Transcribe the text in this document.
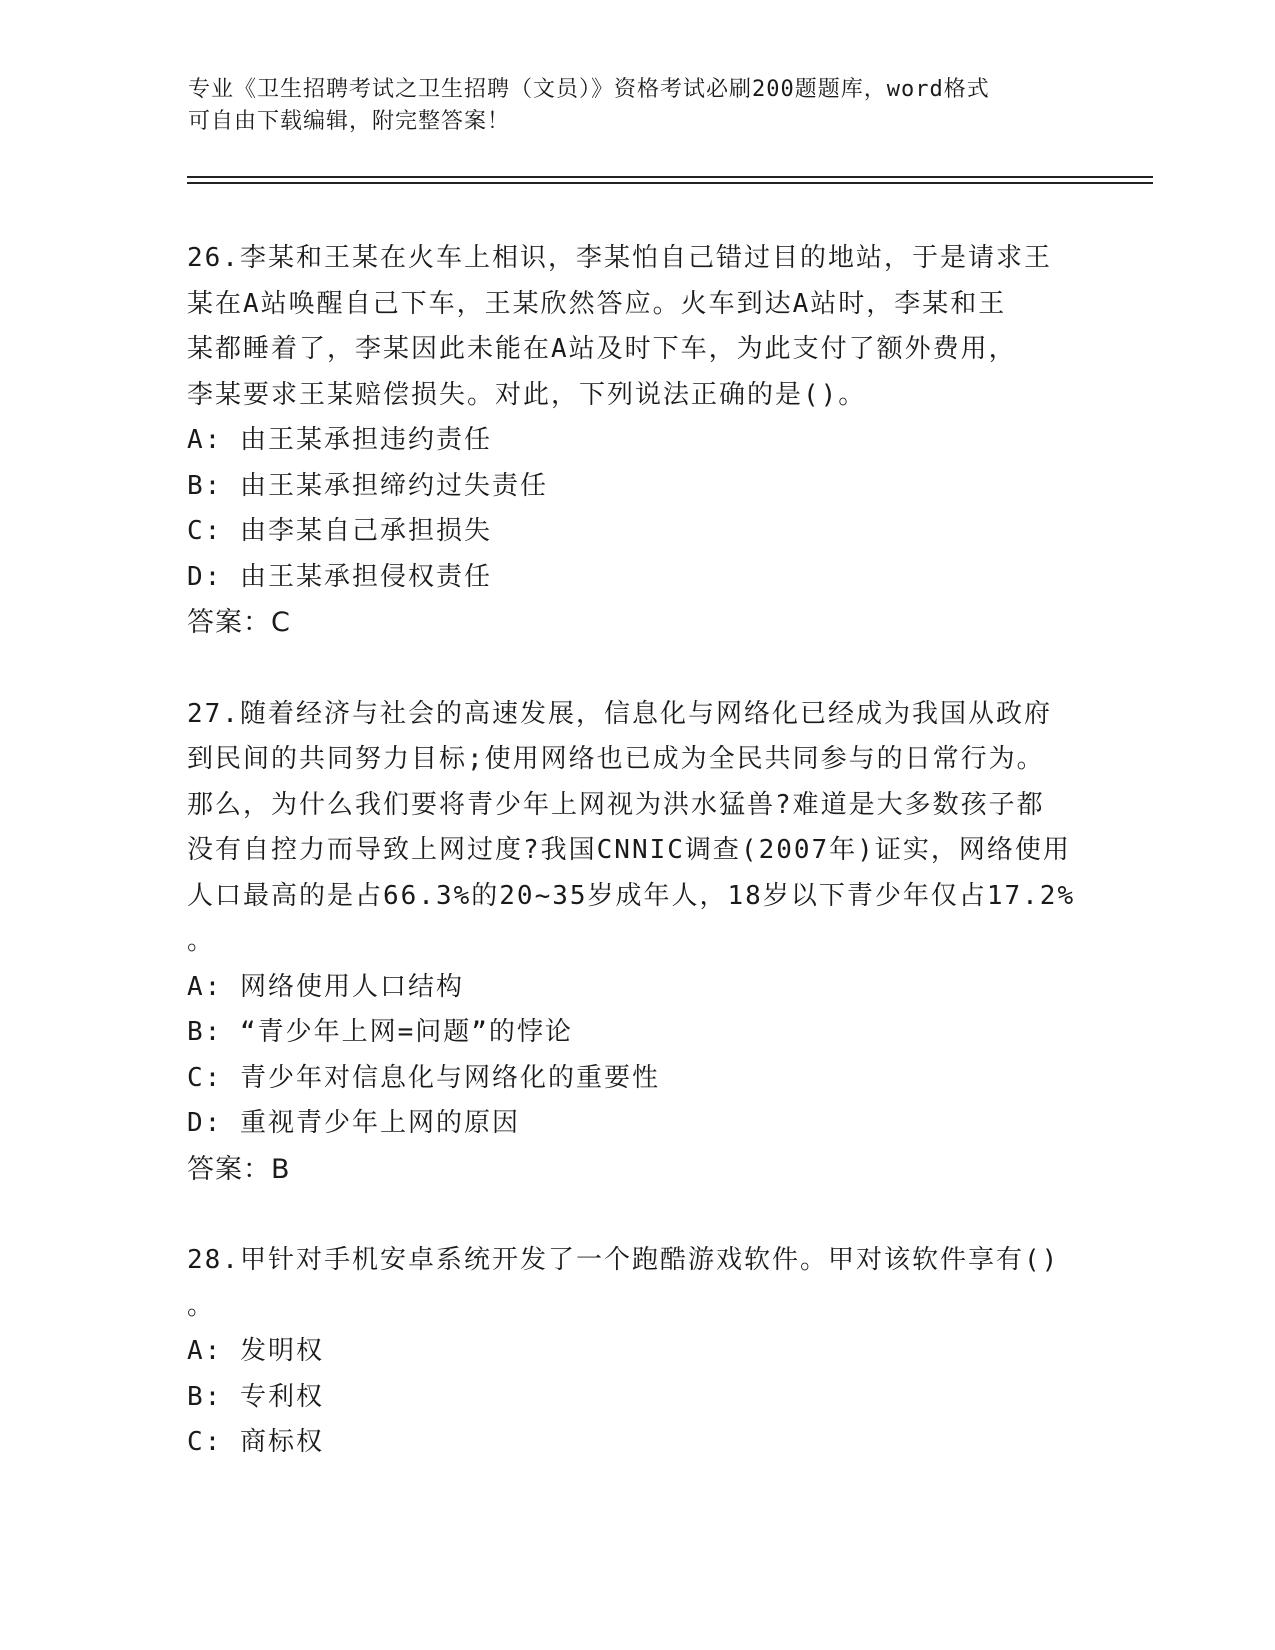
专业《卫生招聘考试之卫生招聘（文员）》资格考试必刷200题题库，word格式
可自由下载编辑，附完整答案！
26.李某和王某在火车上相识，李某怕自己错过目的地站，于是请求王
某在A站唤醒自己下车，王某欣然答应。火车到达A站时，李某和王
某都睡着了，李某因此未能在A站及时下车，为此支付了额外费用，
李某要求王某赔偿损失。对此，下列说法正确的是()。
A: 由王某承担违约责任
B: 由王某承担缔约过失责任
C: 由李某自己承担损失
D: 由王某承担侵权责任
答案：C
27.随着经济与社会的高速发展，信息化与网络化已经成为我国从政府
到民间的共同努力目标;使用网络也已成为全民共同参与的日常行为。
那么，为什么我们要将青少年上网视为洪水猛兽?难道是大多数孩子都
没有自控力而导致上网过度?我国CNNIC调查(2007年)证实，网络使用
人口最高的是占66.3%的20~35岁成年人，18岁以下青少年仅占17.2%
。
A: 网络使用人口结构
B: “青少年上网=问题”的悖论
C: 青少年对信息化与网络化的重要性
D: 重视青少年上网的原因
答案：B
28.甲针对手机安卓系统开发了一个跑酷游戏软件。甲对该软件享有()
。
A: 发明权
B: 专利权
C: 商标权
